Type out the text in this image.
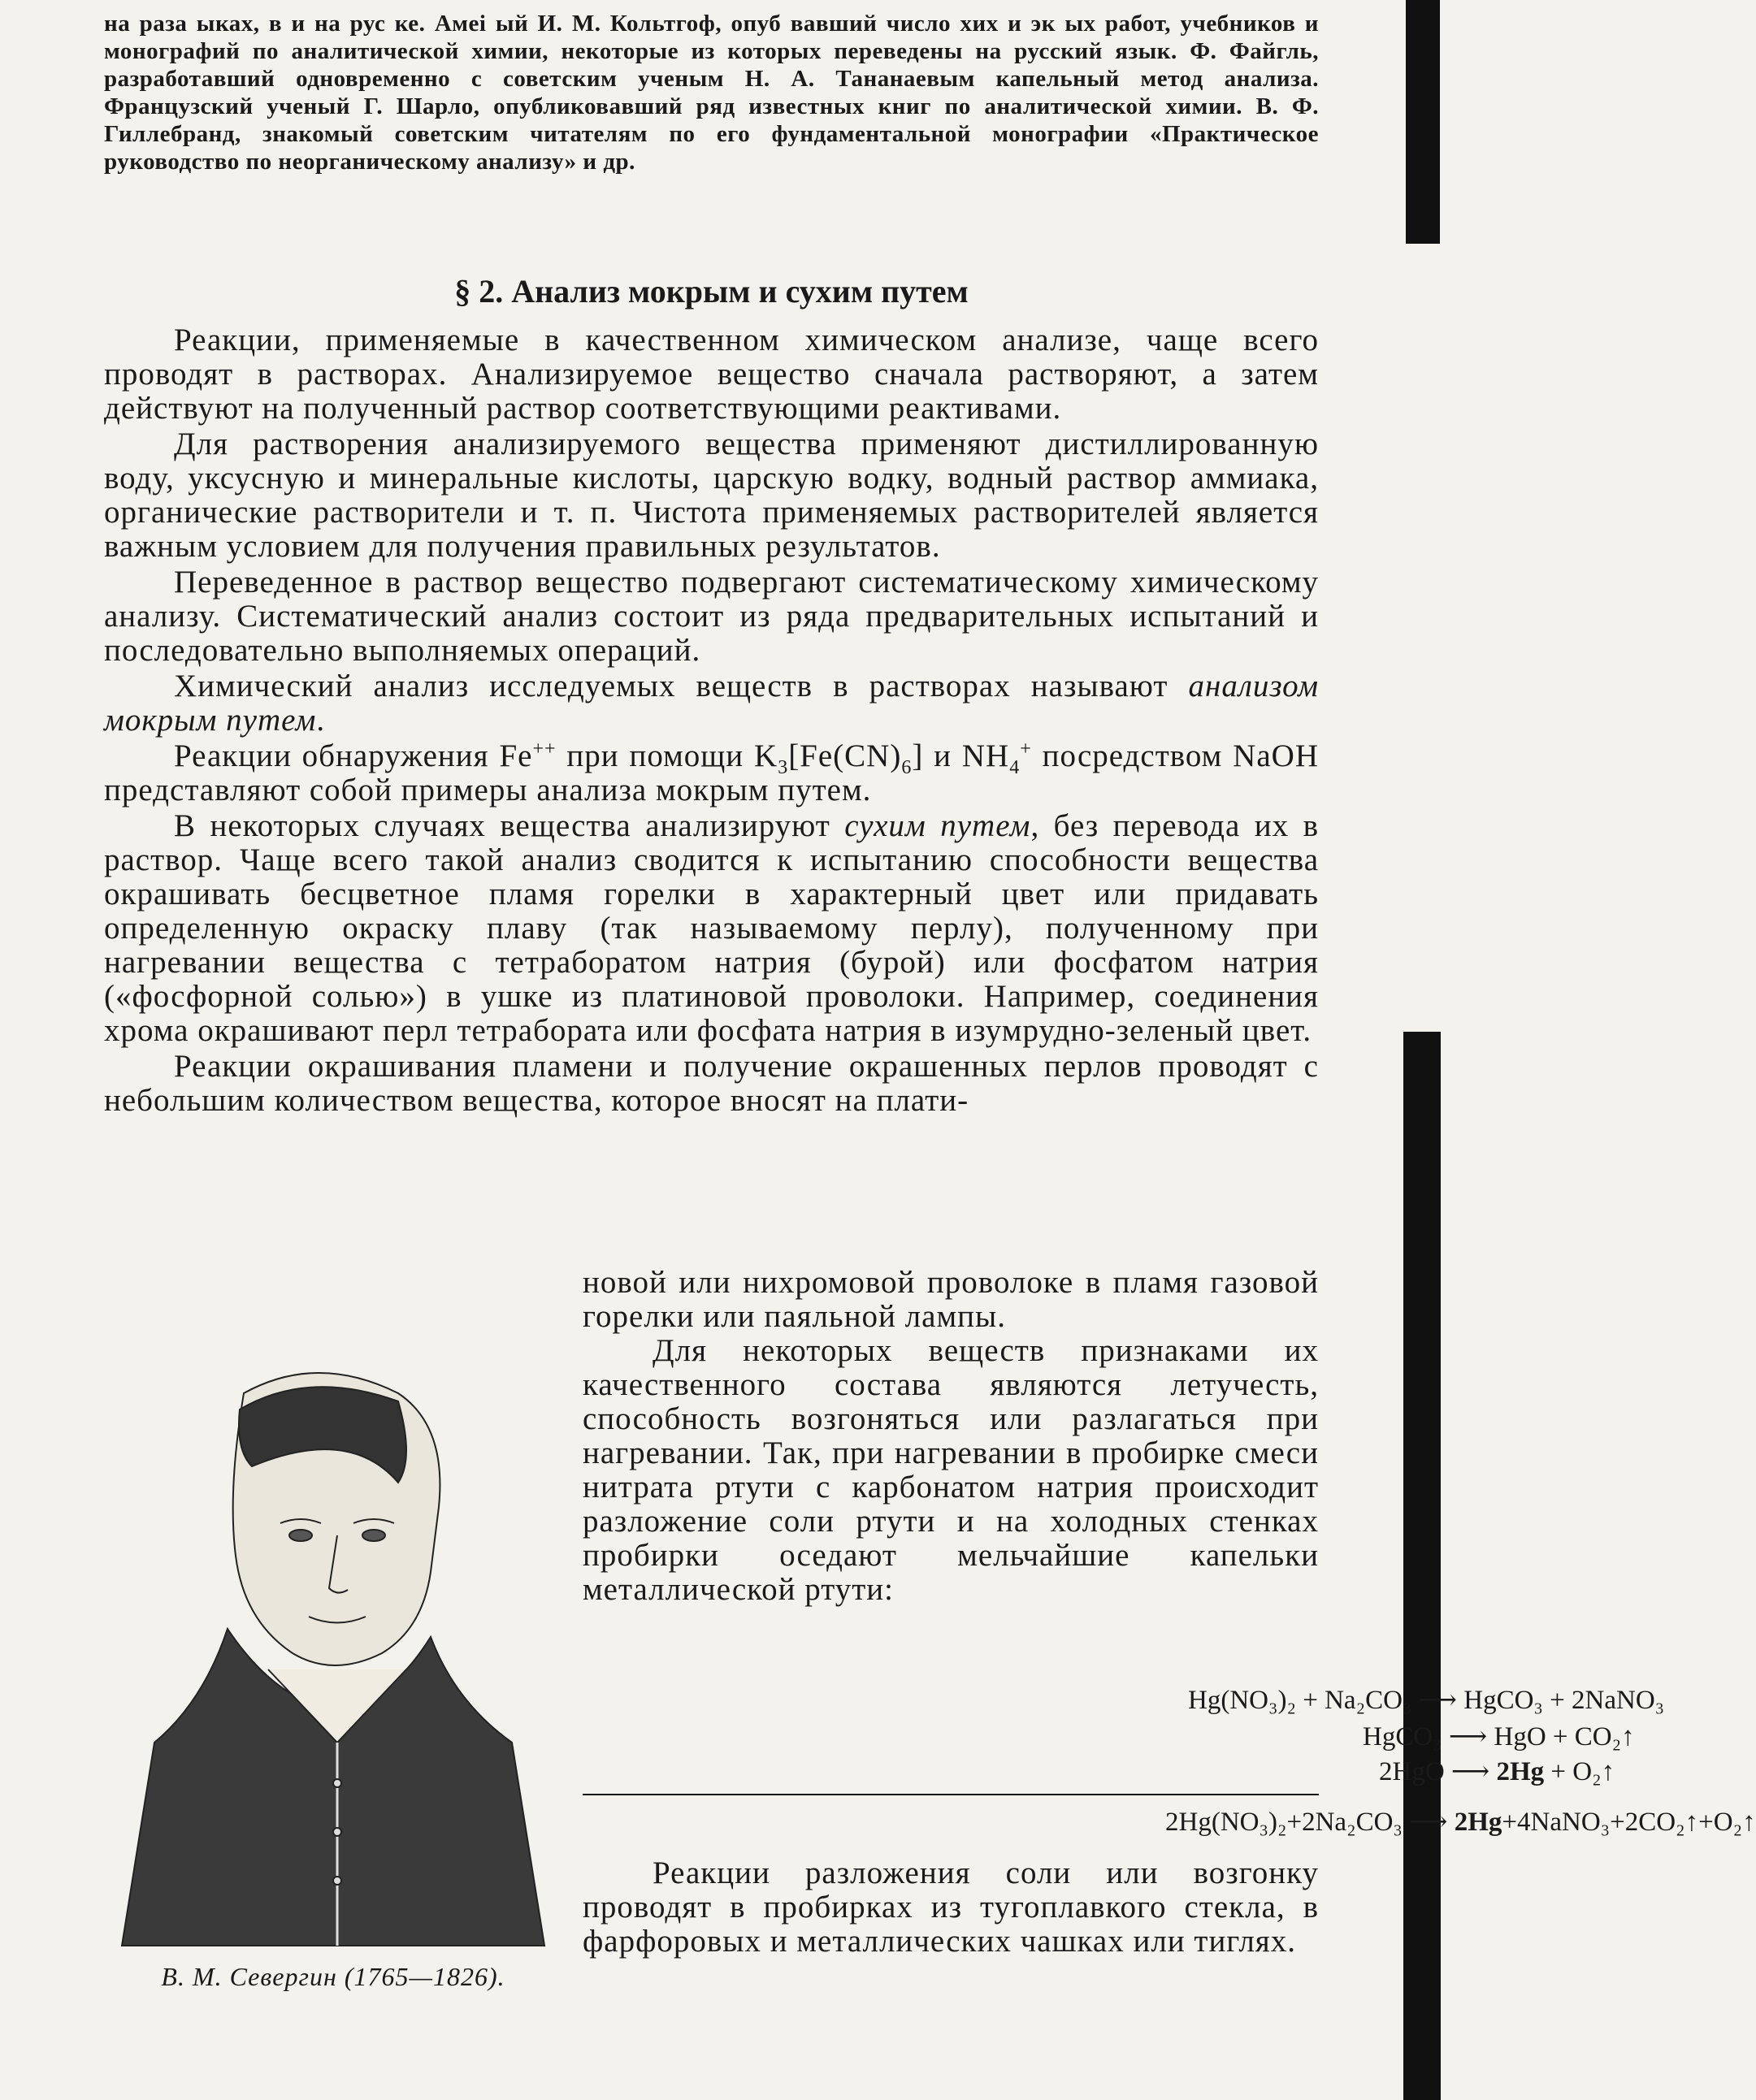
на раза ыках, в и на рус ке. Амеі ый И. М. Кольтгоф, опуб вавший число хих и эк ых работ, учебников и монографий по аналитической химии, некоторые из которых переведены на русский язык. Ф. Файгль, разработавший одновременно с советским ученым Н. А. Тананаевым капельный метод анализа. Французский ученый Г. Шарло, опубликовавший ряд известных книг по аналитической химии. В. Ф. Гиллебранд, знакомый советским читателям по его фундаментальной монографии «Практическое руководство по неорганическому анализу» и др.

§ 2. Анализ мокрым и сухим путем

Реакции, применяемые в качественном химическом анализе, чаще всего проводят в растворах. Анализируемое вещество сначала растворяют, а затем действуют на полученный раствор соответствующими реактивами.

Для растворения анализируемого вещества применяют дистиллированную воду, уксусную и минеральные кислоты, царскую водку, водный раствор аммиака, органические растворители и т. п. Чистота применяемых растворителей является важным условием для получения правильных результатов.

Переведенное в раствор вещество подвергают систематическому химическому анализу. Систематический анализ состоит из ряда предварительных испытаний и последовательно выполняемых операций.

Химический анализ исследуемых веществ в растворах называют анализом мокрым путем.

Реакции обнаружения Fe++ при помощи $K_3[Fe(CN)_6]$ и $NH_4^+$ посредством NaOH представляют собой примеры анализа мокрым путем.

В некоторых случаях вещества анализируют сухим путем, без перевода их в раствор. Чаще всего такой анализ сводится к испытанию способности вещества окрашивать бесцветное пламя горелки в характерный цвет или придавать определенную окраску плаву (так называемому перлу), полученному при нагревании вещества с тетраборатом натрия (бурой) или фосфатом натрия («фосфорной солью») в ушке из платиновой проволоки. Например, соединения хрома окрашивают перл тетрабората или фосфата натрия в изумрудно-зеленый цвет.

Реакции окрашивания пламени и получение окрашенных перлов проводят с небольшим количеством вещества, которое вносят на плати-

В. М. Севергин (1765—1826).

новой или нихромовой проволоке в пламя газовой горелки или паяльной лампы.

Для некоторых веществ признаками их качественного состава являются летучесть, способность возгоняться или разлагаться при нагревании. Так, при нагревании в пробирке смеси нитрата ртути с карбонатом натрия происходит разложение соли ртути и на холодных стенках пробирки оседают мельчайшие капельки металлической ртути:

Hg(NO₃)₂ + Na₂CO₃ ⟶ HgCO₃ + 2NaNO₃
HgCO₃ ⟶ HgO + CO₂↑
2HgO ⟶ 2Hg + O₂↑
2Hg(NO₃)₂+2Na₂CO₃ ⟶ 2Hg+4NaNO₃+2CO₂↑+O₂↑

Реакции разложения соли или возгонку проводят в пробирках из тугоплавкого стекла, в фарфоровых и металлических чашках или тиглях.
